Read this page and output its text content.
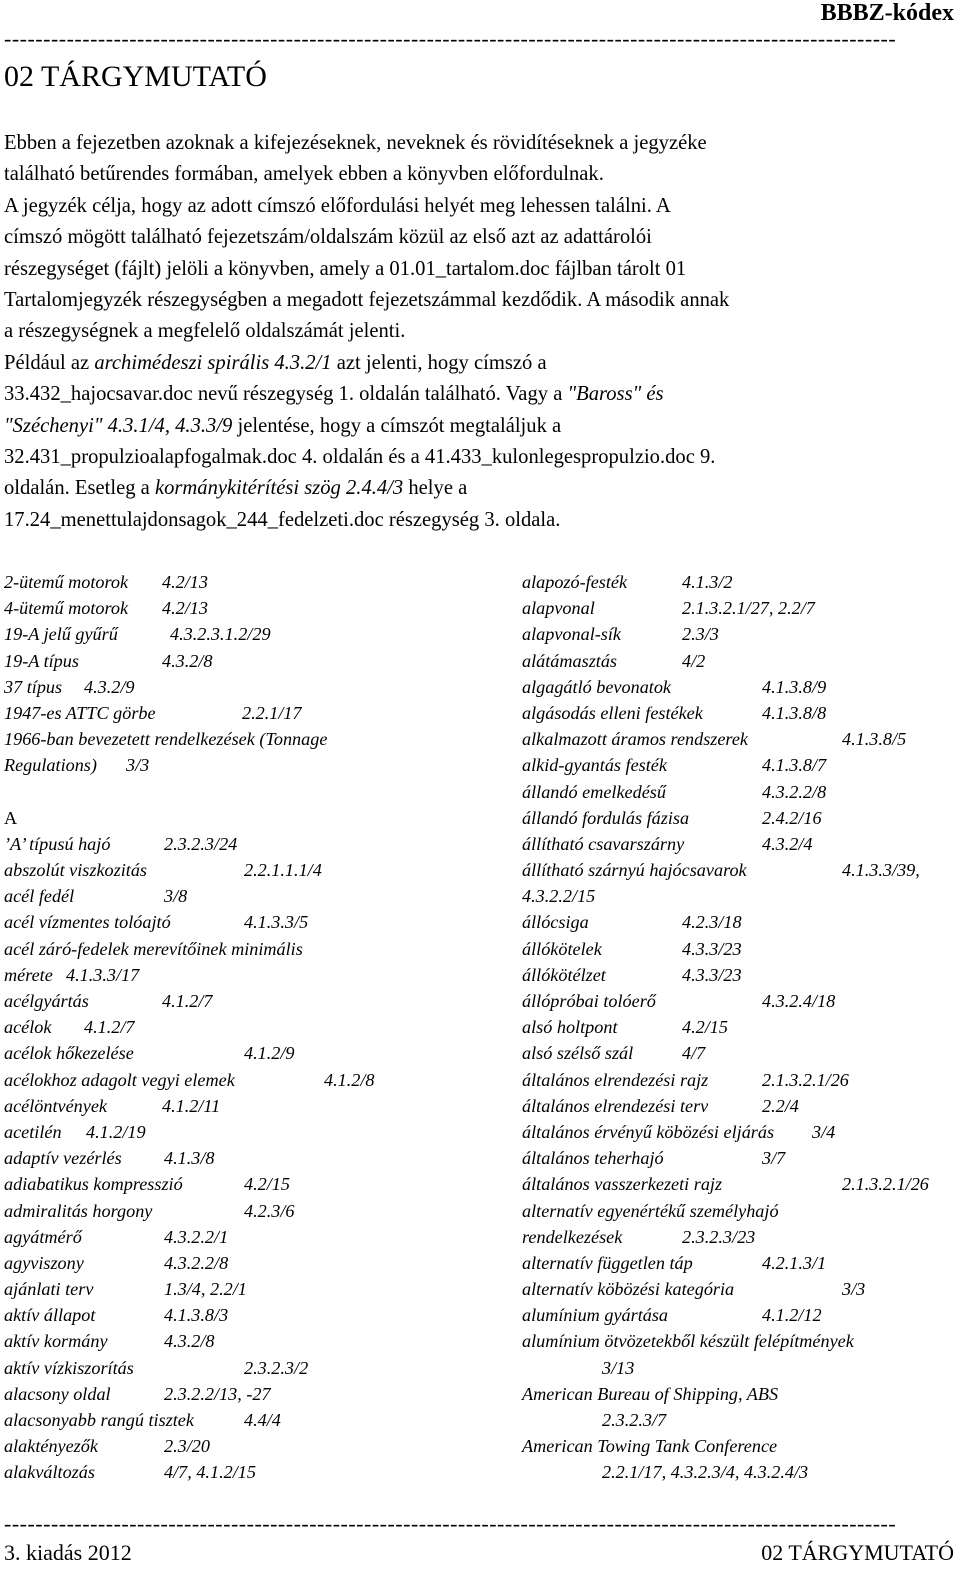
BBBZ-kódex
------------------------------------------------------------------------------------------------------------------
02 TÁRGYMUTATÓ

Ebben a fejezetben azoknak a kifejezéseknek, neveknek és rövidítéseknek a jegyzéke

található betűrendes formában, amelyek ebben a könyvben előfordulnak.

A jegyzék célja, hogy az adott címszó előfordulási helyét meg lehessen találni. A

címszó mögött található fejezetszám/oldalszám közül az első azt az adattárolói

részegységet (fájlt) jelöli a könyvben, amely a 01.01_tartalom.doc fájlban tárolt 01

Tartalomjegyzék részegységben a megadott fejezetszámmal kezdődik. A második annak

a részegységnek a megfelelő oldalszámát jelenti.

Például az archimédeszi spirális 4.3.2/1 azt jelenti, hogy címszó a

33.432_hajocsavar.doc nevű részegység 1. oldalán található. Vagy a "Baross" és

"Széchenyi" 4.3.1/4, 4.3.3/9 jelentése, hogy a címszót megtaláljuk a

32.431_propulzioalapfogalmak.doc 4. oldalán és a 41.433_kulonlegespropulzio.doc 9.

oldalán. Esetleg a kormánykitérítési szög 2.4.4/3 helye a

17.24_menettulajdonsagok_244_fedelzeti.doc részegység 3. oldala.

2-ütemű motorok 4.2/13
4-ütemű motorok 4.2/13
19-A jelű gyűrű	4.3.2.3.1.2/29
19-A típus	4.3.2/8
37 típus 4.3.2/9
1947-es ATTC görbe	2.2.1/17
1966-ban bevezetett rendelkezések (Tonnage
Regulations) 3/3
A
’A’ típusú hajó	2.3.2.3/24
abszolút viszkozitás	2.2.1.1.1/4
acél fedél	3/8
acél vízmentes tolóajtó	4.1.3.3/5
acél záró-fedelek merevítőinek minimális
mérete 4.1.3.3/17
acélgyártás	4.1.2/7
acélok 4.1.2/7
acélok hőkezelése	4.1.2/9
acélokhoz adagolt vegyi elemek	4.1.2/8
acélöntvények	4.1.2/11
acetilén 4.1.2/19
adaptív vezérlés 4.1.3/8
adiabatikus kompresszió	4.2/15
admiralitás horgony	4.2.3/6
agyátmérő	4.3.2.2/1
agyviszony	4.3.2.2/8
ajánlati terv	1.3/4, 2.2/1
aktív állapot	4.1.3.8/3
aktív kormány	4.3.2/8
aktív vízkiszorítás	2.3.2.3/2
alacsony oldal	2.3.2.2/13, -27
alacsonyabb rangú tisztek	4.4/4
alaktényezők	2.3/20
alakváltozás	4/7, 4.1.2/15
alapozó-festék	4.1.3/2
alapvonal	2.1.3.2.1/27, 2.2/7
alapvonal-sík	2.3/3
alátámasztás	4/2
algagátló bevonatok	4.1.3.8/9
algásodás elleni festékek	4.1.3.8/8
alkalmazott áramos rendszerek	4.1.3.8/5
alkid-gyantás festék	4.1.3.8/7
állandó emelkedésű	4.3.2.2/8
állandó fordulás fázisa	2.4.2/16
állítható csavarszárny	4.3.2/4
állítható szárnyú hajócsavarok	4.1.3.3/39,
4.3.2.2/15
állócsiga	4.2.3/18
állókötelek	4.3.3/23
állókötélzet	4.3.3/23
állópróbai tolóerő	4.3.2.4/18
alsó holtpont	4.2/15
alsó szélső szál	4/7
általános elrendezési rajz	2.1.3.2.1/26
általános elrendezési terv	2.2/4
általános érvényű köbözési eljárás 3/4
általános teherhajó	3/7
általános vasszerkezeti rajz	2.1.3.2.1/26
alternatív egyenértékű személyhajó
rendelkezések	2.3.2.3/23
alternatív független táp	4.2.1.3/1
alternatív köbözési kategória	3/3
alumínium gyártása	4.1.2/12
alumínium ötvözetekből készült felépítmények
3/13
American Bureau of Shipping, ABS
2.3.2.3/7
American Towing Tank Conference
2.2.1/17, 4.3.2.3/4, 4.3.2.4/3
------------------------------------------------------------------------------------------------------------------
3. kiadás 2012	02 TÁRGYMUTATÓ
